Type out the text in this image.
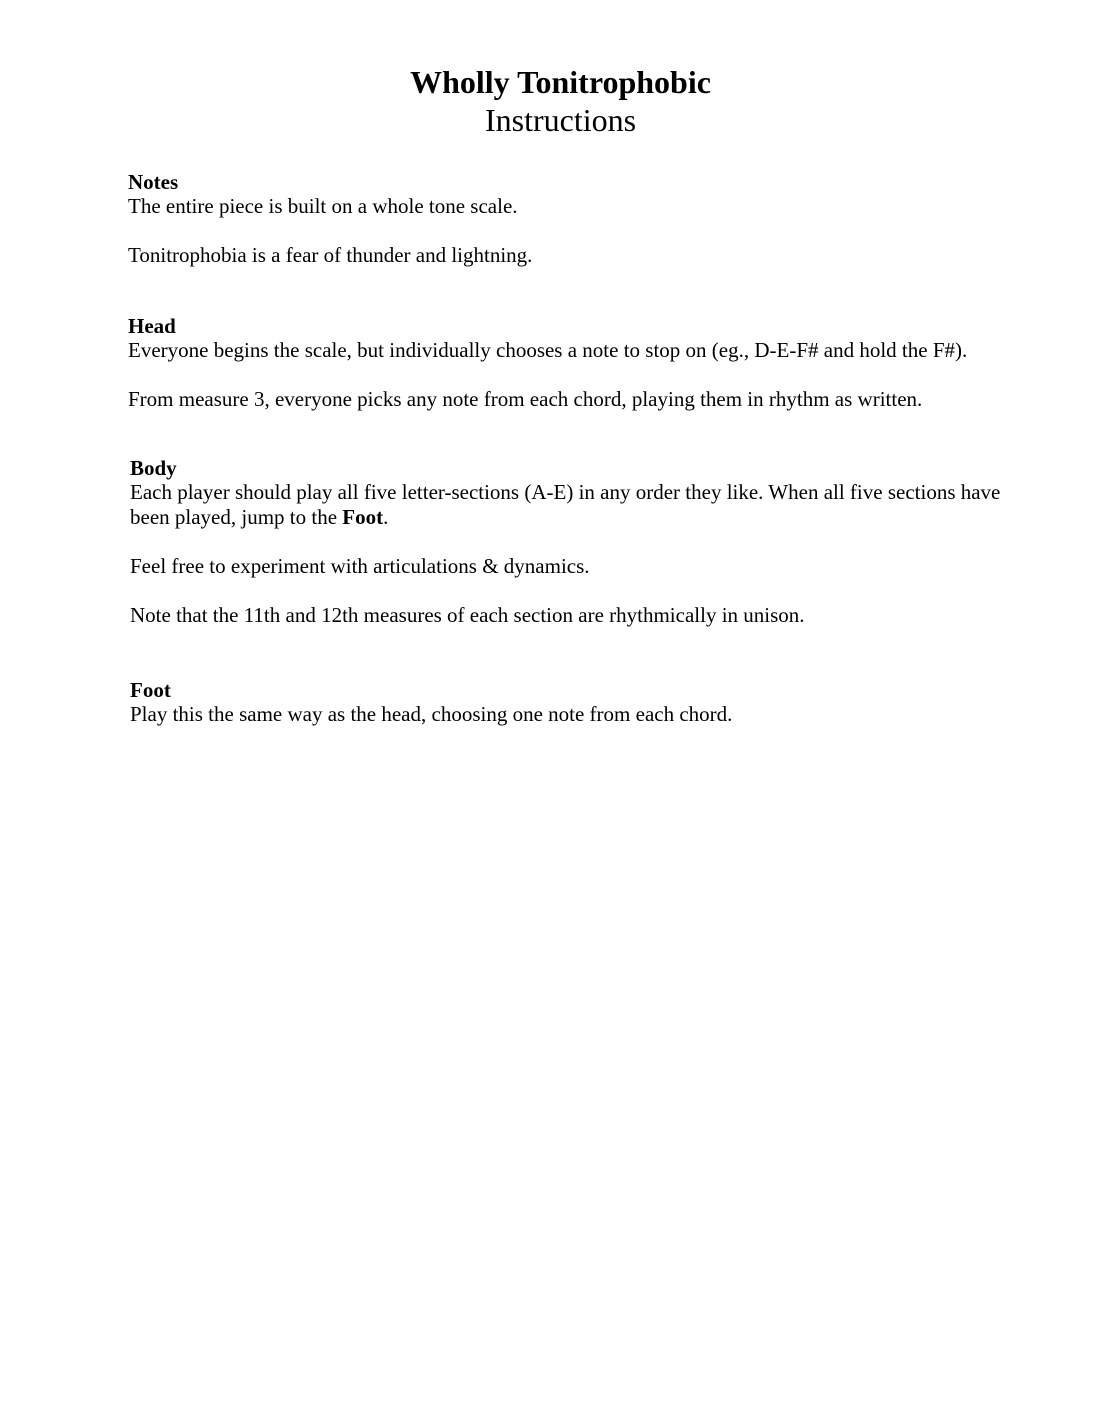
Wholly Tonitrophobic
Instructions
Notes

The entire piece is built on a whole tone scale.

Tonitrophobia is a fear of thunder and lightning.

Head

Everyone begins the scale, but individually chooses a note to stop on (eg., D-E-F# and hold the F#).

From measure 3, everyone picks any note from each chord, playing them in rhythm as written.

Body

Each player should play all five letter-sections (A-E) in any order they like. When all five sections have been played, jump to the Foot.

Feel free to experiment with articulations & dynamics.

Note that the 11th and 12th measures of each section are rhythmically in unison.

Foot

Play this the same way as the head, choosing one note from each chord.
